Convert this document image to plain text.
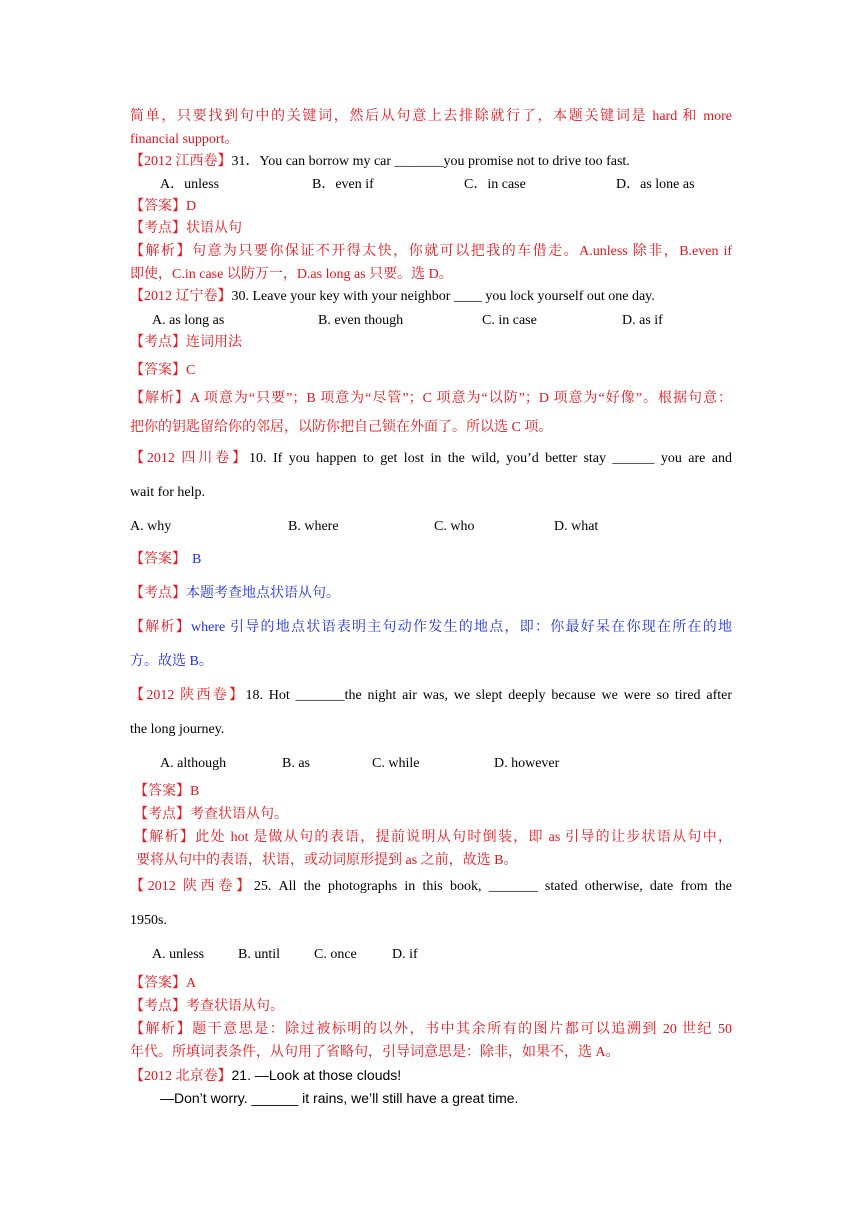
简单，只要找到句中的关键词，然后从句意上去排除就行了，本题关键词是 hard 和 more
financial support。
【2012 江西卷】31．You can borrow my car _______you promise not to drive too fast.
A．unless	B．even if	C．in case	D．as lone as
【答案】D
【考点】状语从句
【解析】句意为只要你保证不开得太快，你就可以把我的车借走。A.unless 除非，B.even if
即使，C.in case 以防万一，D.as long as 只要。选 D。
【2012 辽宁卷】30. Leave your key with your neighbor ____ you lock yourself out one day.
A. as long as	B. even though	C. in case	D. as if
【考点】连词用法
【答案】C
【解析】A 项意为“只要”；B 项意为“尽管”；C 项意为“以防”；D 项意为“好像”。根据句意：
把你的钥匙留给你的邻居，以防你把自己锁在外面了。所以选 C 项。
【2012 四川卷】10. If you happen to get lost in the wild, you’d better stay ______ you are and
wait for help.
A. why	B. where	C. who	D. what
【答案】 B
【考点】本题考查地点状语从句。
【解析】where 引导的地点状语表明主句动作发生的地点，即：你最好呆在你现在所在的地
方。故选 B。
【2012 陕西卷】18. Hot _______the night air was, we slept deeply because we were so tired after
the long journey.
A. although	B. as	C. while	D. however
【答案】B
【考点】考查状语从句。
【解析】此处 hot 是做从句的表语，提前说明从句时倒装，即 as 引导的让步状语从句中，
要将从句中的表语，状语，或动词原形提到 as 之前，故选 B。
【2012 陕西卷】25. All the photographs in this book, _______ stated otherwise, date from the
1950s.
A. unless B. until C. once	D. if
【答案】A
【考点】考查状语从句。
【解析】题干意思是：除过被标明的以外，书中其余所有的图片都可以追溯到 20 世纪 50
年代。所填词表条件，从句用了省略句，引导词意思是：除非，如果不，选 A。
【2012 北京卷】21. —Look at those clouds!
—Don’t worry. ______ it rains, we’ll still have a great time.
